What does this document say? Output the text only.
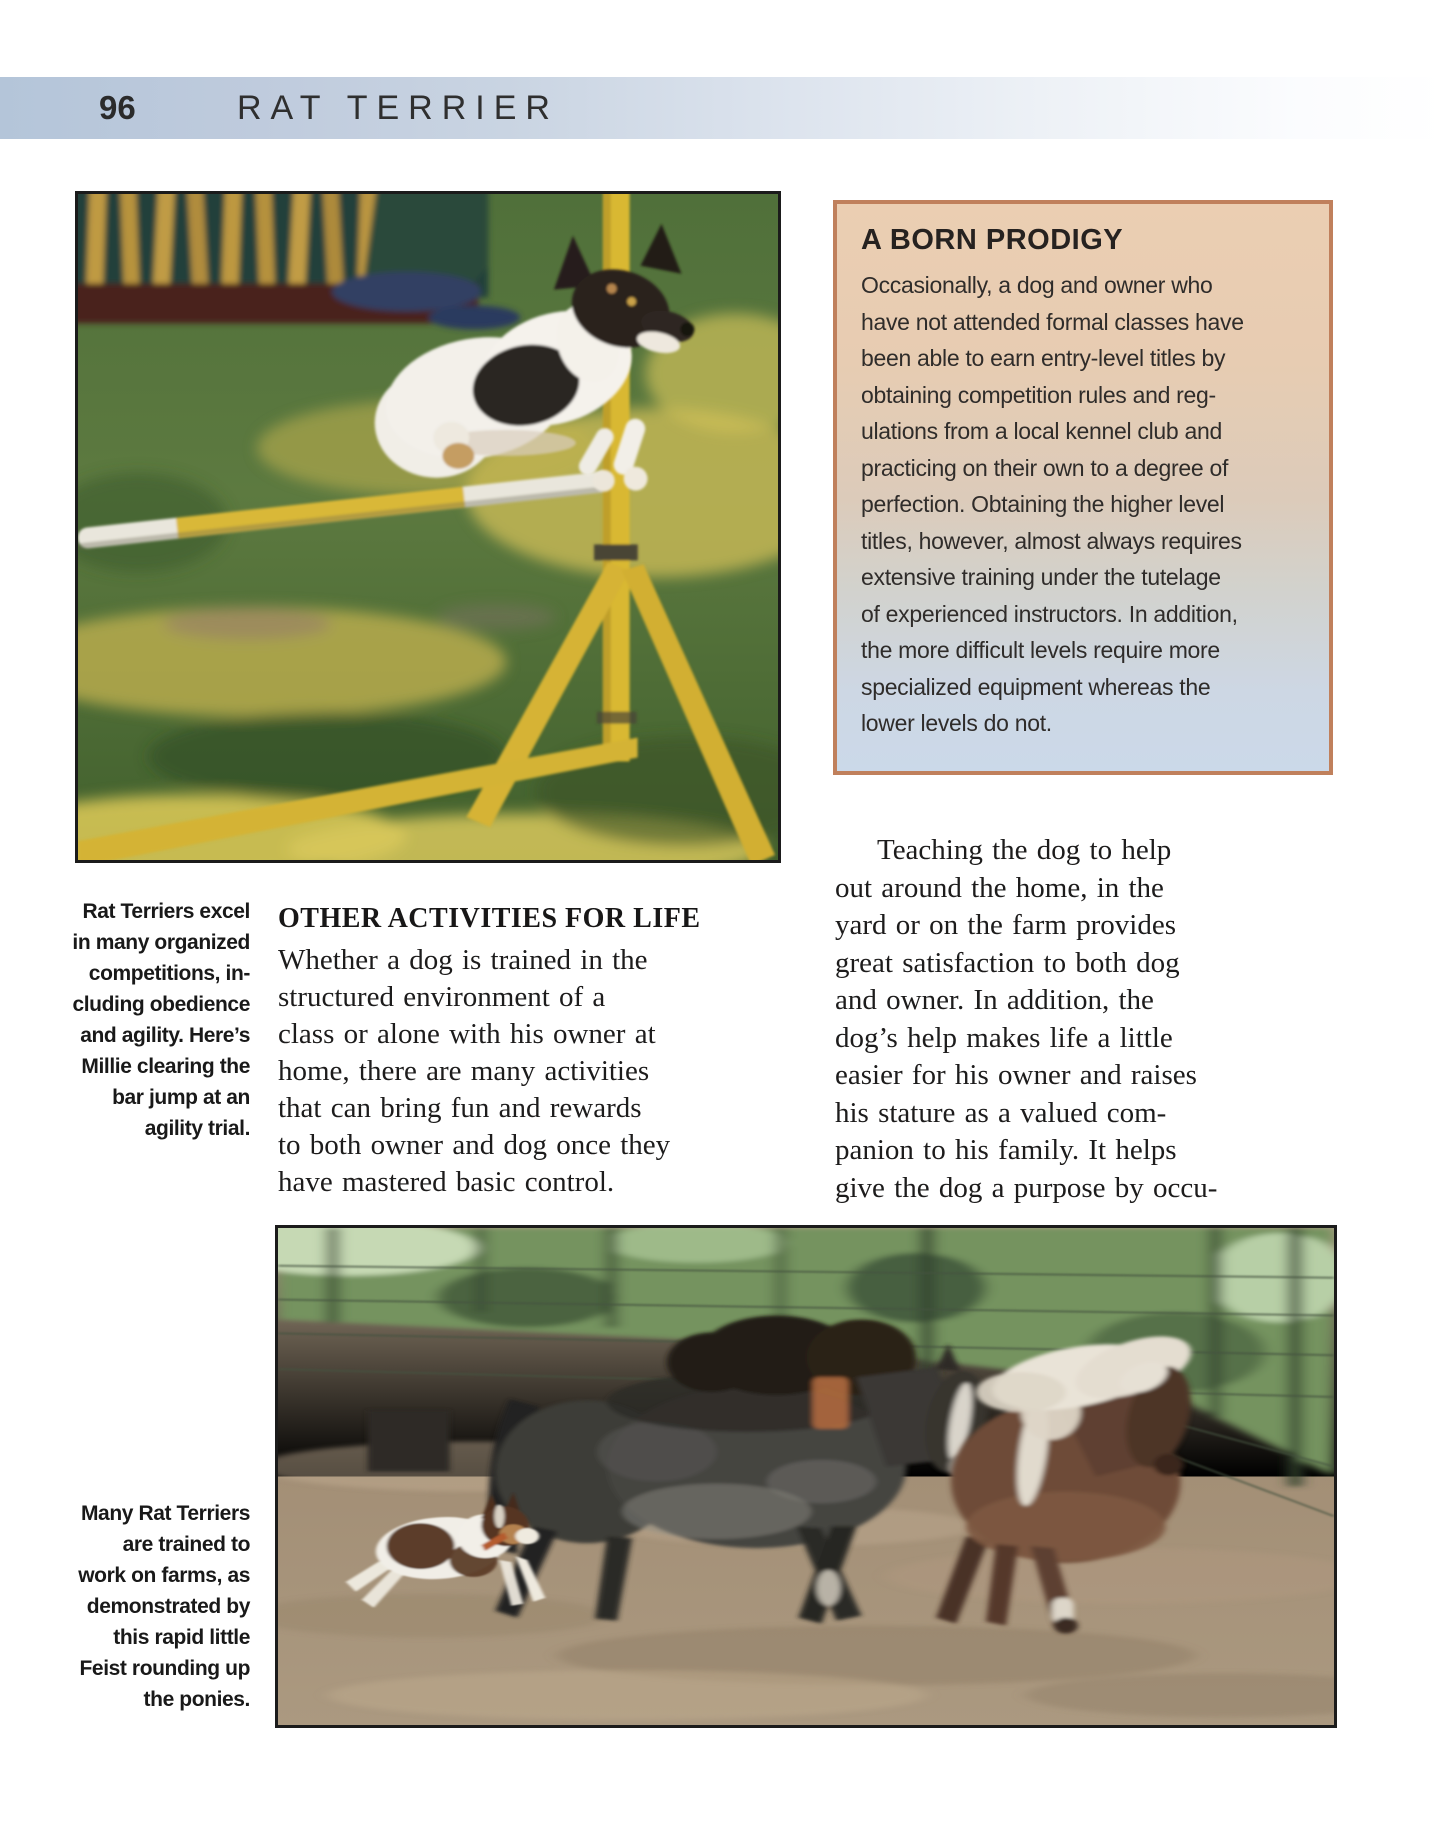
96	RAT TERRIER

A BORN PRODIGY

Occasionally, a dog and owner who
have not attended formal classes have
been able to earn entry-level titles by
obtaining competition rules and reg-
ulations from a local kennel club and
practicing on their own to a degree of
perfection. Obtaining the higher level
titles, however, almost always requires
extensive training under the tutelage
of experienced instructors. In addition,
the more difficult levels require more
specialized equipment whereas the
lower levels do not.
Rat Terriers excel
in many organized
competitions, in-
cluding obedience
and agility. Here’s
Millie clearing the
bar jump at an
agility trial.
OTHER ACTIVITIES FOR LIFE
Whether a dog is trained in the
structured environment of a
class or alone with his owner at
home, there are many activities
that can bring fun and rewards
to both owner and dog once they
have mastered basic control.
Teaching the dog to help
out around the home, in the
yard or on the farm provides
great satisfaction to both dog
and owner. In addition, the
dog’s help makes life a little
easier for his owner and raises
his stature as a valued com-
panion to his family. It helps
give the dog a purpose by occu-
Many Rat Terriers
are trained to
work on farms, as
demonstrated by
this rapid little
Feist rounding up
the ponies.
